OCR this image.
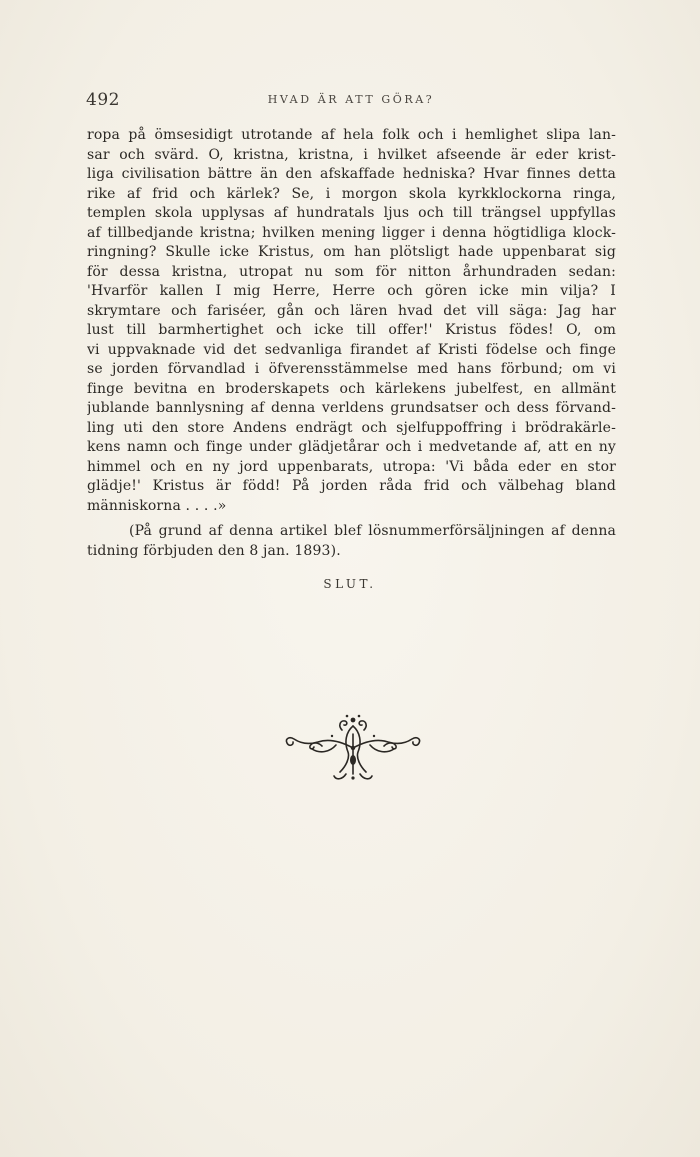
492	HVAD ÄR ATT GÖRA?
ropa på ömsesidigt utrotande af hela folk och i hemlighet slipa lan-
sar och svärd. O, kristna, kristna, i hvilket afseende är eder krist-
liga civilisation bättre än den afskaffade hedniska? Hvar finnes detta
rike af frid och kärlek? Se, i morgon skola kyrkklockorna ringa,
templen skola upplysas af hundratals ljus och till trängsel uppfyllas
af tillbedjande kristna; hvilken mening ligger i denna högtidliga klock-
ringning? Skulle icke Kristus, om han plötsligt hade uppenbarat sig
för dessa kristna, utropat nu som för nitton århundraden sedan:
'Hvarför kallen I mig Herre, Herre och gören icke min vilja? I
skrymtare och fariséer, gån och lären hvad det vill säga: Jag har
lust till barmhertighet och icke till offer!' Kristus födes! O, om
vi uppvaknade vid det sedvanliga firandet af Kristi födelse och finge
se jorden förvandlad i öfverensstämmelse med hans förbund; om vi
finge bevitna en broderskapets och kärlekens jubelfest, en allmänt
jublande bannlysning af denna verldens grundsatser och dess förvand-
ling uti den store Andens endrägt och sjelfuppoffring i brödrakärle-
kens namn och finge under glädjetårar och i medvetande af, att en ny
himmel och en ny jord uppenbarats, utropa: 'Vi båda eder en stor
glädje!' Kristus är född! På jorden råda frid och välbehag bland
människorna . . . .»
(På grund af denna artikel blef lösnummerförsäljningen af denna
tidning förbjuden den 8 jan. 1893).
SLUT.
